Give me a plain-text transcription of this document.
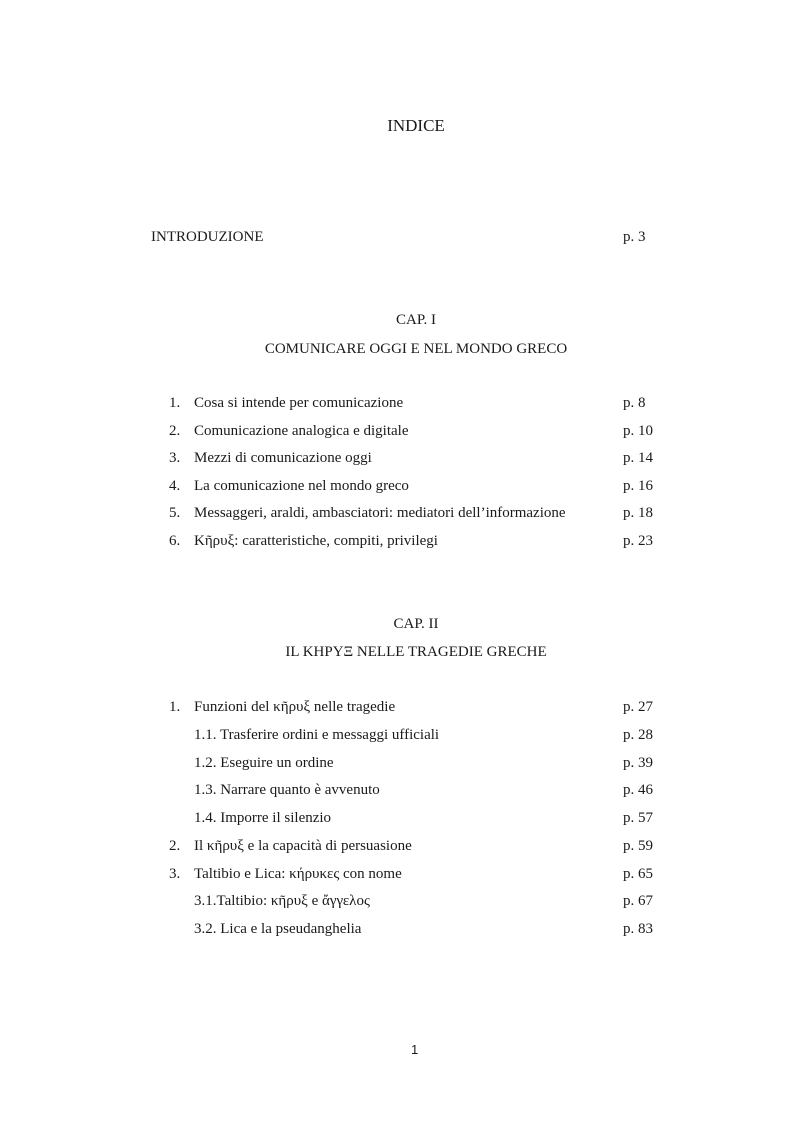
INDICE
INTRODUZIONE	p. 3
CAP. I
COMUNICARE OGGI E NEL MONDO GRECO
1. Cosa si intende per comunicazione	p. 8
2. Comunicazione analogica e digitale	p. 10
3. Mezzi di comunicazione oggi	p. 14
4. La comunicazione nel mondo greco	p. 16
5. Messaggeri, araldi, ambasciatori: mediatori dell’informazione	p. 18
6. Κῆρυξ: caratteristiche, compiti, privilegi	p. 23
CAP. II
IL ΚΗΡΥΞ NELLE TRAGEDIE GRECHE
1. Funzioni del κῆρυξ nelle tragedie	p. 27
1.1. Trasferire ordini e messaggi ufficiali	p. 28
1.2. Eseguire un ordine	p. 39
1.3. Narrare quanto è avvenuto	p. 46
1.4. Imporre il silenzio	p. 57
2. Il κῆρυξ e la capacità di persuasione	p. 59
3. Taltibio e Lica: κήρυκες con nome	p. 65
3.1.Taltibio: κῆρυξ e ἄγγελος	p. 67
3.2. Lica e la pseudanghelia	p. 83
1
